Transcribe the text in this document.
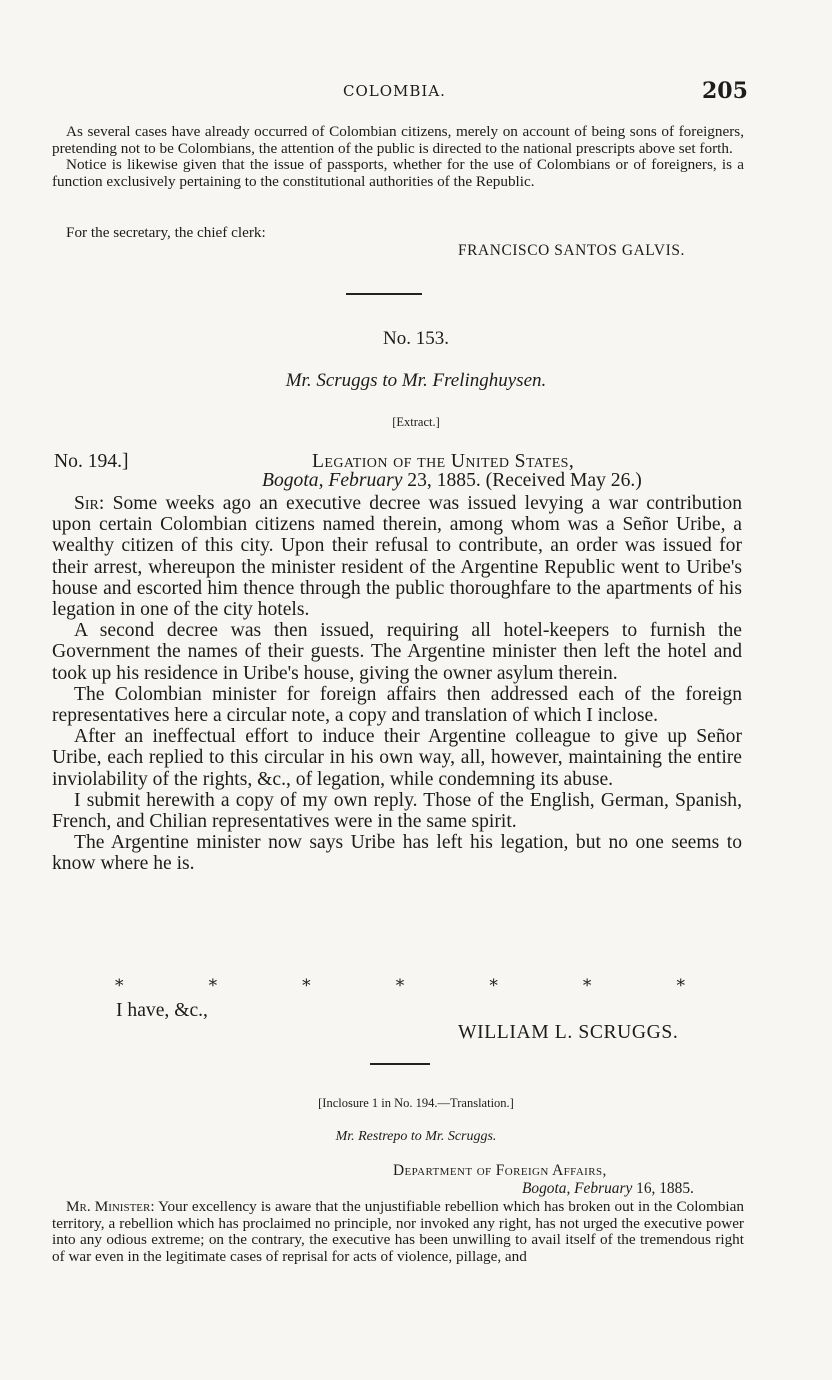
COLOMBIA.	205

As several cases have already occurred of Colombian citizens, merely on account of being sons of foreigners, pretending not to be Colombians, the attention of the public is directed to the national prescripts above set forth.

Notice is likewise given that the issue of passports, whether for the use of Colombians or of foreigners, is a function exclusively pertaining to the constitutional authorities of the Republic.

For the secretary, the chief clerk:
FRANCISCO SANTOS GALVIS.
No. 153.
Mr. Scruggs to Mr. Frelinghuysen.
[Extract.]
No. 194.]	Legation of the United States,
Bogota, February 23, 1885. (Received May 26.)

Sir: Some weeks ago an executive decree was issued levying a war contribution upon certain Colombian citizens named therein, among whom was a Señor Uribe, a wealthy citizen of this city. Upon their refusal to contribute, an order was issued for their arrest, whereupon the minister resident of the Argentine Republic went to Uribe's house and escorted him thence through the public thoroughfare to the apartments of his legation in one of the city hotels.

A second decree was then issued, requiring all hotel-keepers to furnish the Government the names of their guests. The Argentine minister then left the hotel and took up his residence in Uribe's house, giving the owner asylum therein.

The Colombian minister for foreign affairs then addressed each of the foreign representatives here a circular note, a copy and translation of which I inclose.

After an ineffectual effort to induce their Argentine colleague to give up Señor Uribe, each replied to this circular in his own way, all, however, maintaining the entire inviolability of the rights, &c., of legation, while condemning its abuse.

I submit herewith a copy of my own reply. Those of the English, German, Spanish, French, and Chilian representatives were in the same spirit.

The Argentine minister now says Uribe has left his legation, but no one seems to know where he is.

*	*	*	*	*	*	*
I have, &c.,
WILLIAM L. SCRUGGS.
[Inclosure 1 in No. 194.—Translation.]
Mr. Restrepo to Mr. Scruggs.
Department of Foreign Affairs,
Bogota, February 16, 1885.

Mr. Minister: Your excellency is aware that the unjustifiable rebellion which has broken out in the Colombian territory, a rebellion which has proclaimed no principle, nor invoked any right, has not urged the executive power into any odious extreme; on the contrary, the executive has been unwilling to avail itself of the tremendous right of war even in the legitimate cases of reprisal for acts of violence, pillage, and
